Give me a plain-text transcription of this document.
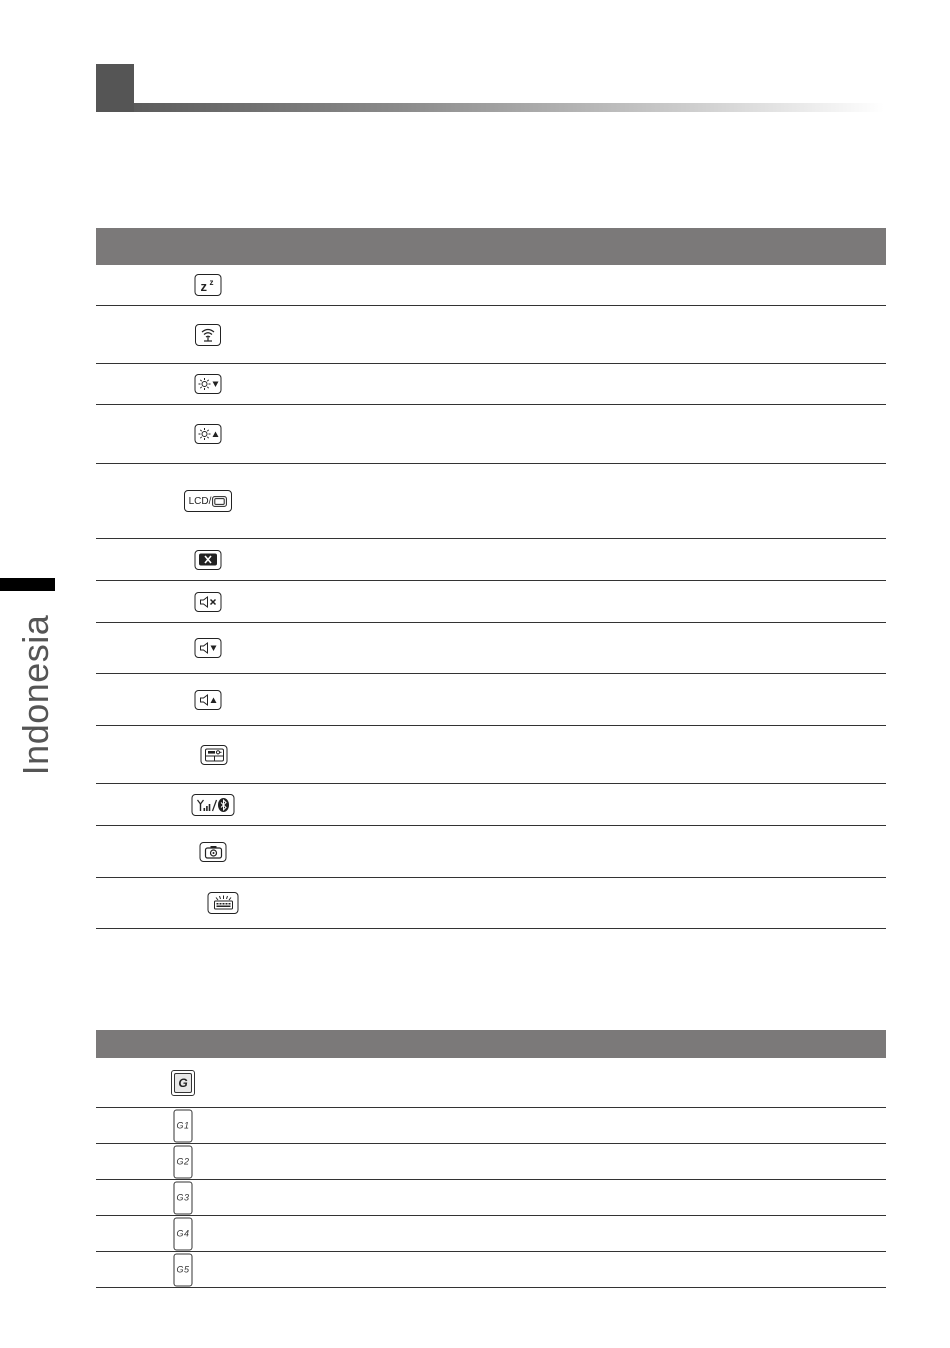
Indonesia
z z
LCD/
G
G1
G2
G3
G4
G5
